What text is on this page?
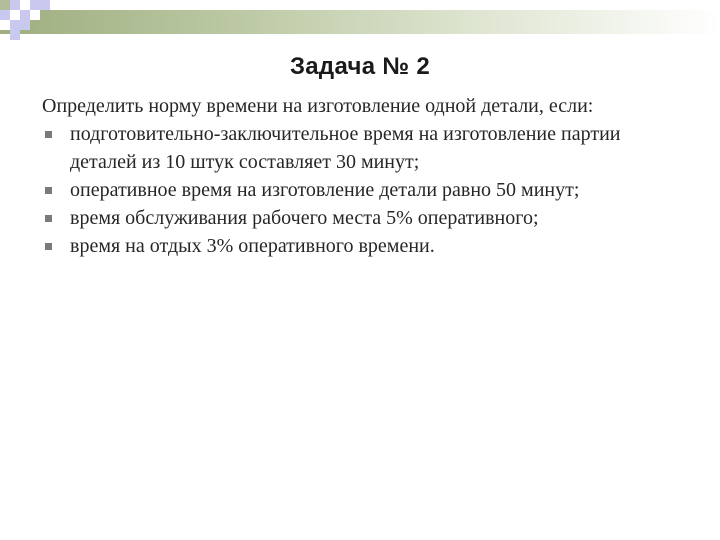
Задача № 2

Определить норму времени на изготовление одной детали, если:

подготовительно-заключительное время на изготовление партии деталей из 10 штук составляет 30 минут;
оперативное время на изготовление детали равно 50 минут;
время обслуживания рабочего места 5% оперативного;
время на отдых 3% оперативного времени.
